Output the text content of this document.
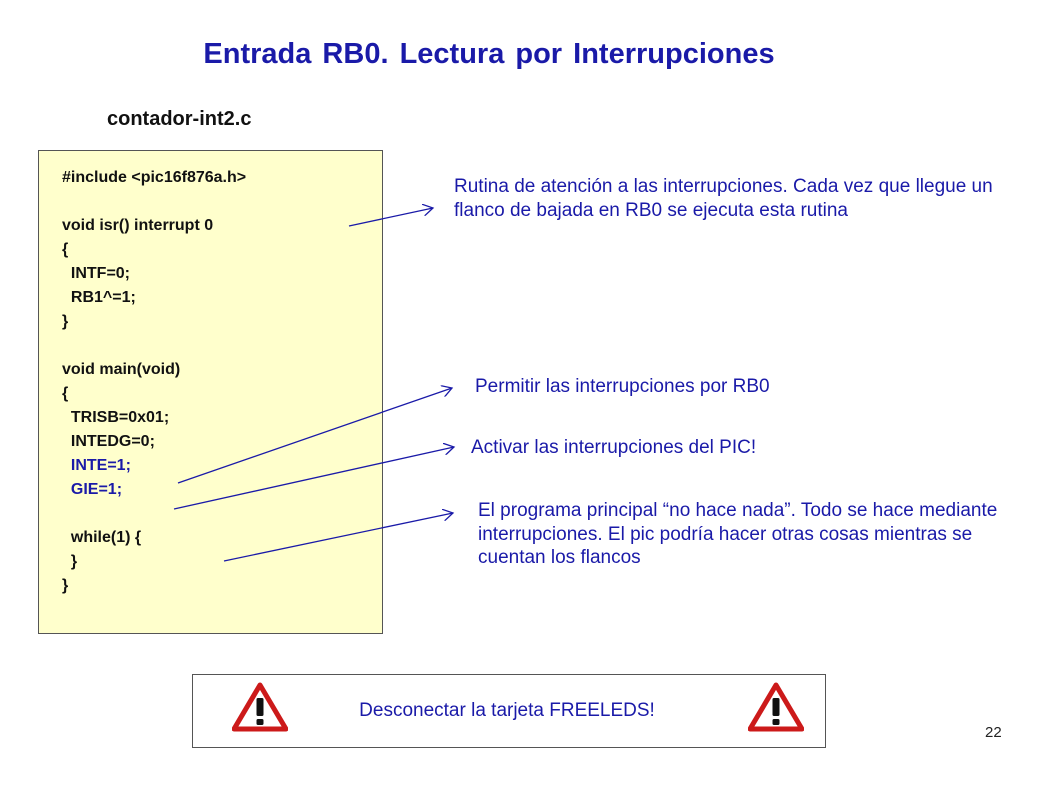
Entrada RB0. Lectura por Interrupciones
contador-int2.c
#include <pic16f876a.h>
void isr() interrupt 0
{
INTF=0;
RB1^=1;
}
void main(void)
{
TRISB=0x01;
INTEDG=0;
INTE=1;
GIE=1;
while(1) {
}
}
Rutina de atención a las interrupciones. Cada vez que llegue un flanco de bajada en RB0 se ejecuta esta rutina
Permitir las interrupciones por RB0
Activar las interrupciones del PIC!
El programa principal “no hace nada”. Todo se hace mediante interrupciones. El pic podría hacer otras cosas mientras se cuentan los flancos
Desconectar la tarjeta FREELEDS!
22
